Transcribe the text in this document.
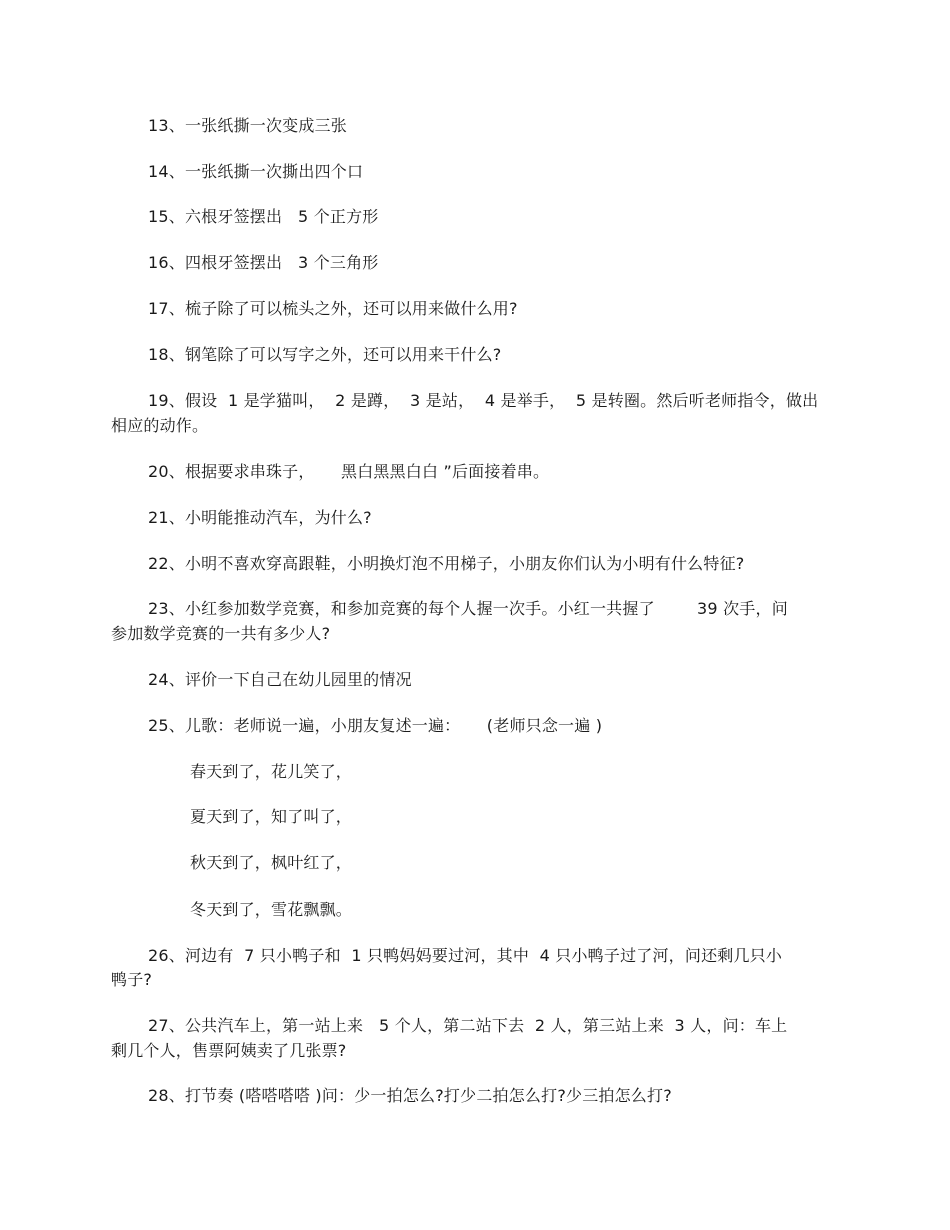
13、一张纸撕一次变成三张
14、一张纸撕一次撕出四个口
15、六根牙签摆出   5 个正方形
16、四根牙签摆出   3 个三角形
17、梳子除了可以梳头之外，还可以用来做什么用?
18、钢笔除了可以写字之外，还可以用来干什么?
19、假设  1 是学猫叫，  2 是蹲，  3 是站，  4 是举手，  5 是转圈。然后听老师指令，做出
相应的动作。
20、根据要求串珠子，     黑白黑黑白白 ”后面接着串。
21、小明能推动汽车，为什么?
22、小明不喜欢穿高跟鞋，小明换灯泡不用梯子，小朋友你们认为小明有什么特征?
23、小红参加数学竞赛，和参加竞赛的每个人握一次手。小红一共握了        39 次手，问
参加数学竞赛的一共有多少人?
24、评价一下自己在幼儿园里的情况
25、儿歌：老师说一遍，小朋友复述一遍：     (老师只念一遍 )
春天到了，花儿笑了，
夏天到了，知了叫了，
秋天到了，枫叶红了，
冬天到了，雪花飘飘。
26、河边有  7 只小鸭子和  1 只鸭妈妈要过河，其中  4 只小鸭子过了河，问还剩几只小
鸭子?
27、公共汽车上，第一站上来   5 个人，第二站下去  2 人，第三站上来  3 人，问：车上
剩几个人，售票阿姨卖了几张票?
28、打节奏 (嗒嗒嗒嗒 )问：少一拍怎么?打少二拍怎么打?少三拍怎么打?
